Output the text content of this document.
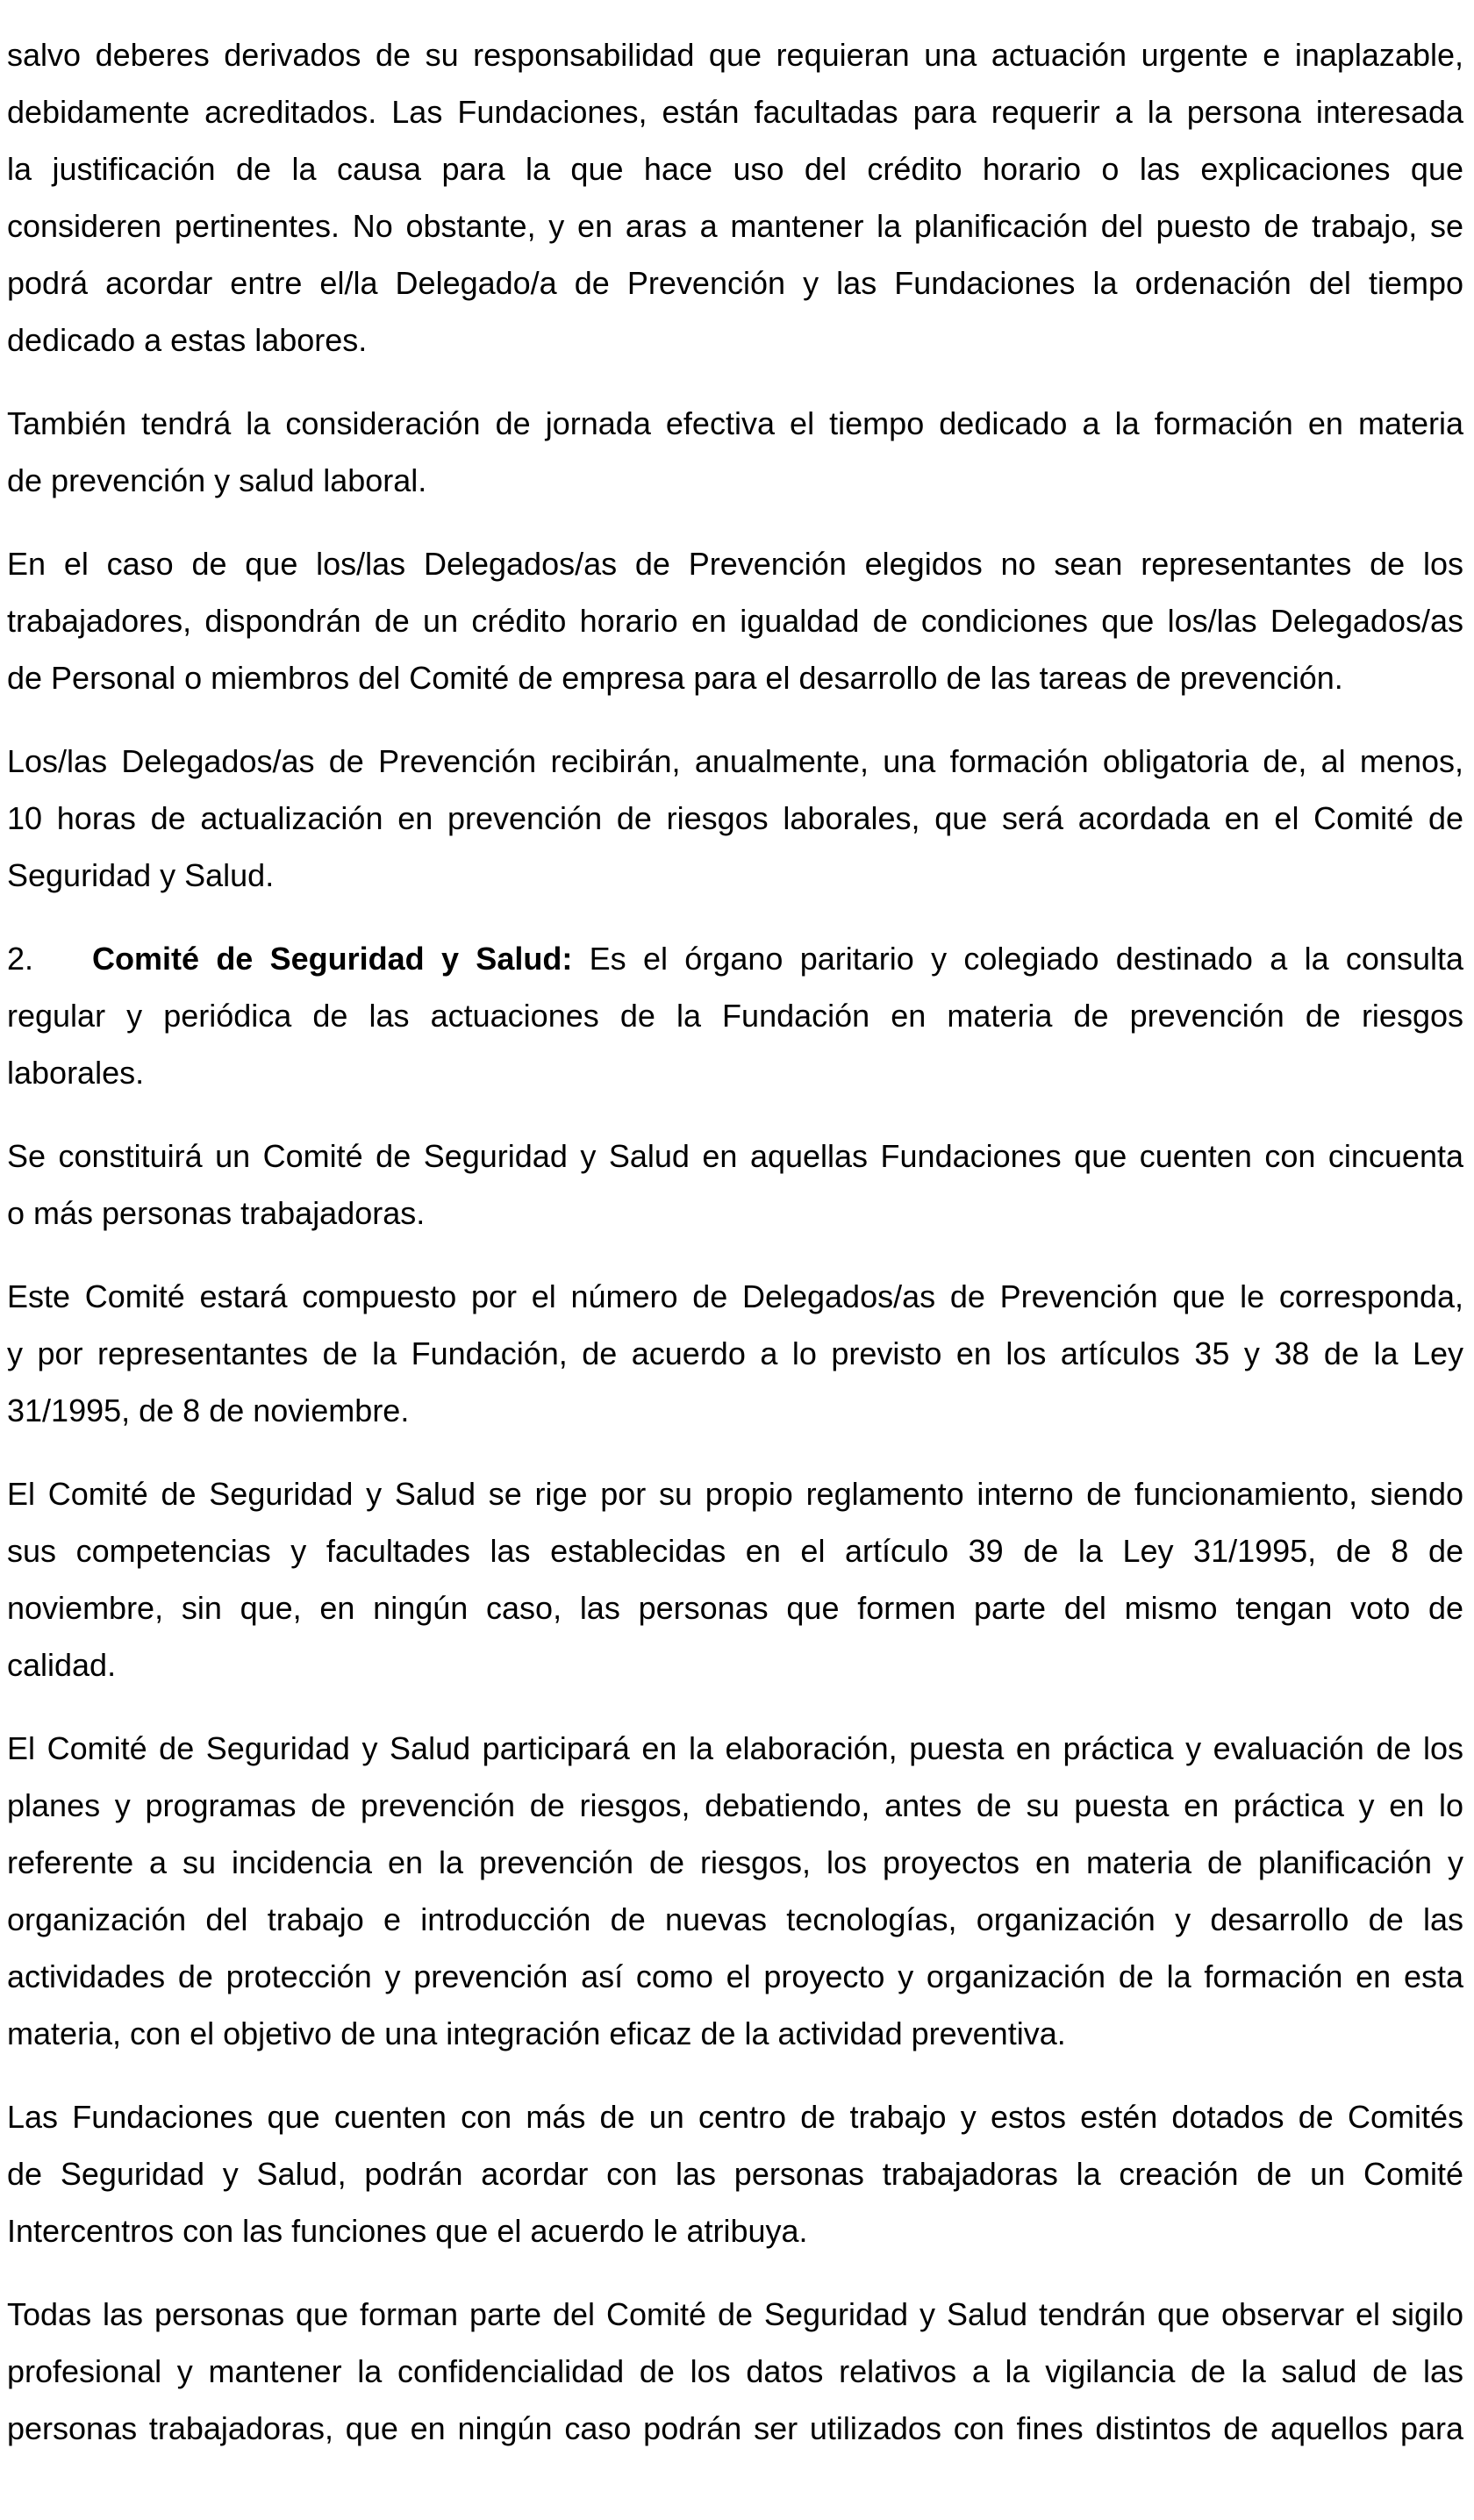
salvo deberes derivados de su responsabilidad que requieran una actuación urgente e inaplazable,
debidamente acreditados. Las Fundaciones, están facultadas para requerir a la persona interesada
la justificación de la causa para la que hace uso del crédito horario o las explicaciones que
consideren pertinentes. No obstante, y en aras a mantener la planificación del puesto de trabajo, se
podrá acordar entre el/la Delegado/a de Prevención y las Fundaciones la ordenación del tiempo
dedicado a estas labores.
También tendrá la consideración de jornada efectiva el tiempo dedicado a la formación en materia
de prevención y salud laboral.
En el caso de que los/las Delegados/as de Prevención elegidos no sean representantes de los
trabajadores, dispondrán de un crédito horario en igualdad de condiciones que los/las Delegados/as
de Personal o miembros del Comité de empresa para el desarrollo de las tareas de prevención.
Los/las Delegados/as de Prevención recibirán, anualmente, una formación obligatoria de, al menos,
10 horas de actualización en prevención de riesgos laborales, que será acordada en el Comité de
Seguridad y Salud.
2. Comité de Seguridad y Salud: Es el órgano paritario y colegiado destinado a la consulta
regular y periódica de las actuaciones de la Fundación en materia de prevención de riesgos
laborales.
Se constituirá un Comité de Seguridad y Salud en aquellas Fundaciones que cuenten con cincuenta
o más personas trabajadoras.
Este Comité estará compuesto por el número de Delegados/as de Prevención que le corresponda,
y por representantes de la Fundación, de acuerdo a lo previsto en los artículos 35 y 38 de la Ley
31/1995, de 8 de noviembre.
El Comité de Seguridad y Salud se rige por su propio reglamento interno de funcionamiento, siendo
sus competencias y facultades las establecidas en el artículo 39 de la Ley 31/1995, de 8 de
noviembre, sin que, en ningún caso, las personas que formen parte del mismo tengan voto de
calidad.
El Comité de Seguridad y Salud participará en la elaboración, puesta en práctica y evaluación de los
planes y programas de prevención de riesgos, debatiendo, antes de su puesta en práctica y en lo
referente a su incidencia en la prevención de riesgos, los proyectos en materia de planificación y
organización del trabajo e introducción de nuevas tecnologías, organización y desarrollo de las
actividades de protección y prevención así como el proyecto y organización de la formación en esta
materia, con el objetivo de una integración eficaz de la actividad preventiva.
Las Fundaciones que cuenten con más de un centro de trabajo y estos estén dotados de Comités
de Seguridad y Salud, podrán acordar con las personas trabajadoras la creación de un Comité
Intercentros con las funciones que el acuerdo le atribuya.
Todas las personas que forman parte del Comité de Seguridad y Salud tendrán que observar el sigilo
profesional y mantener la confidencialidad de los datos relativos a la vigilancia de la salud de las
personas trabajadoras, que en ningún caso podrán ser utilizados con fines distintos de aquellos para
